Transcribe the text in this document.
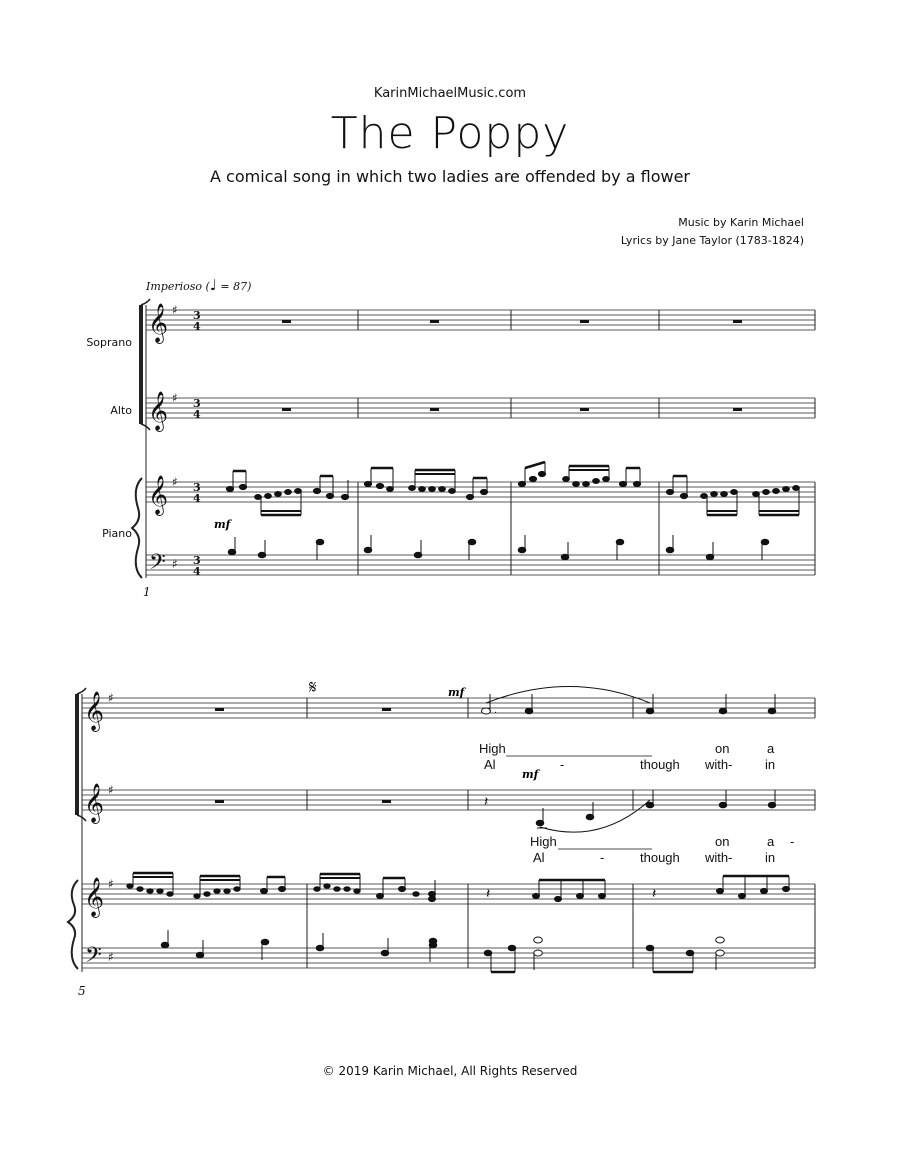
KarinMichaelMusic.com
The Poppy
A comical song in which two ladies are offended by a flower
Music by Karin Michael
Lyrics by Jane Taylor (1783-1824)
Imperioso (♩ = 87)
Soprano
Alto
Piano
1
5
© 2019 Karin Michael, All Rights Reserved
𝄞
𝄞
𝄞
𝄢
♯
♯
♯
♯
3
4
3
4
3
4
3
4
mf
𝄞
𝄞
𝄞
𝄢
♯
♯
♯
♯
𝄋
.
𝄽
𝄽	𝄽
mf
mf
High	on	a
Al	-	though with-	in
High	on	a -
Al	-	though with-	in
